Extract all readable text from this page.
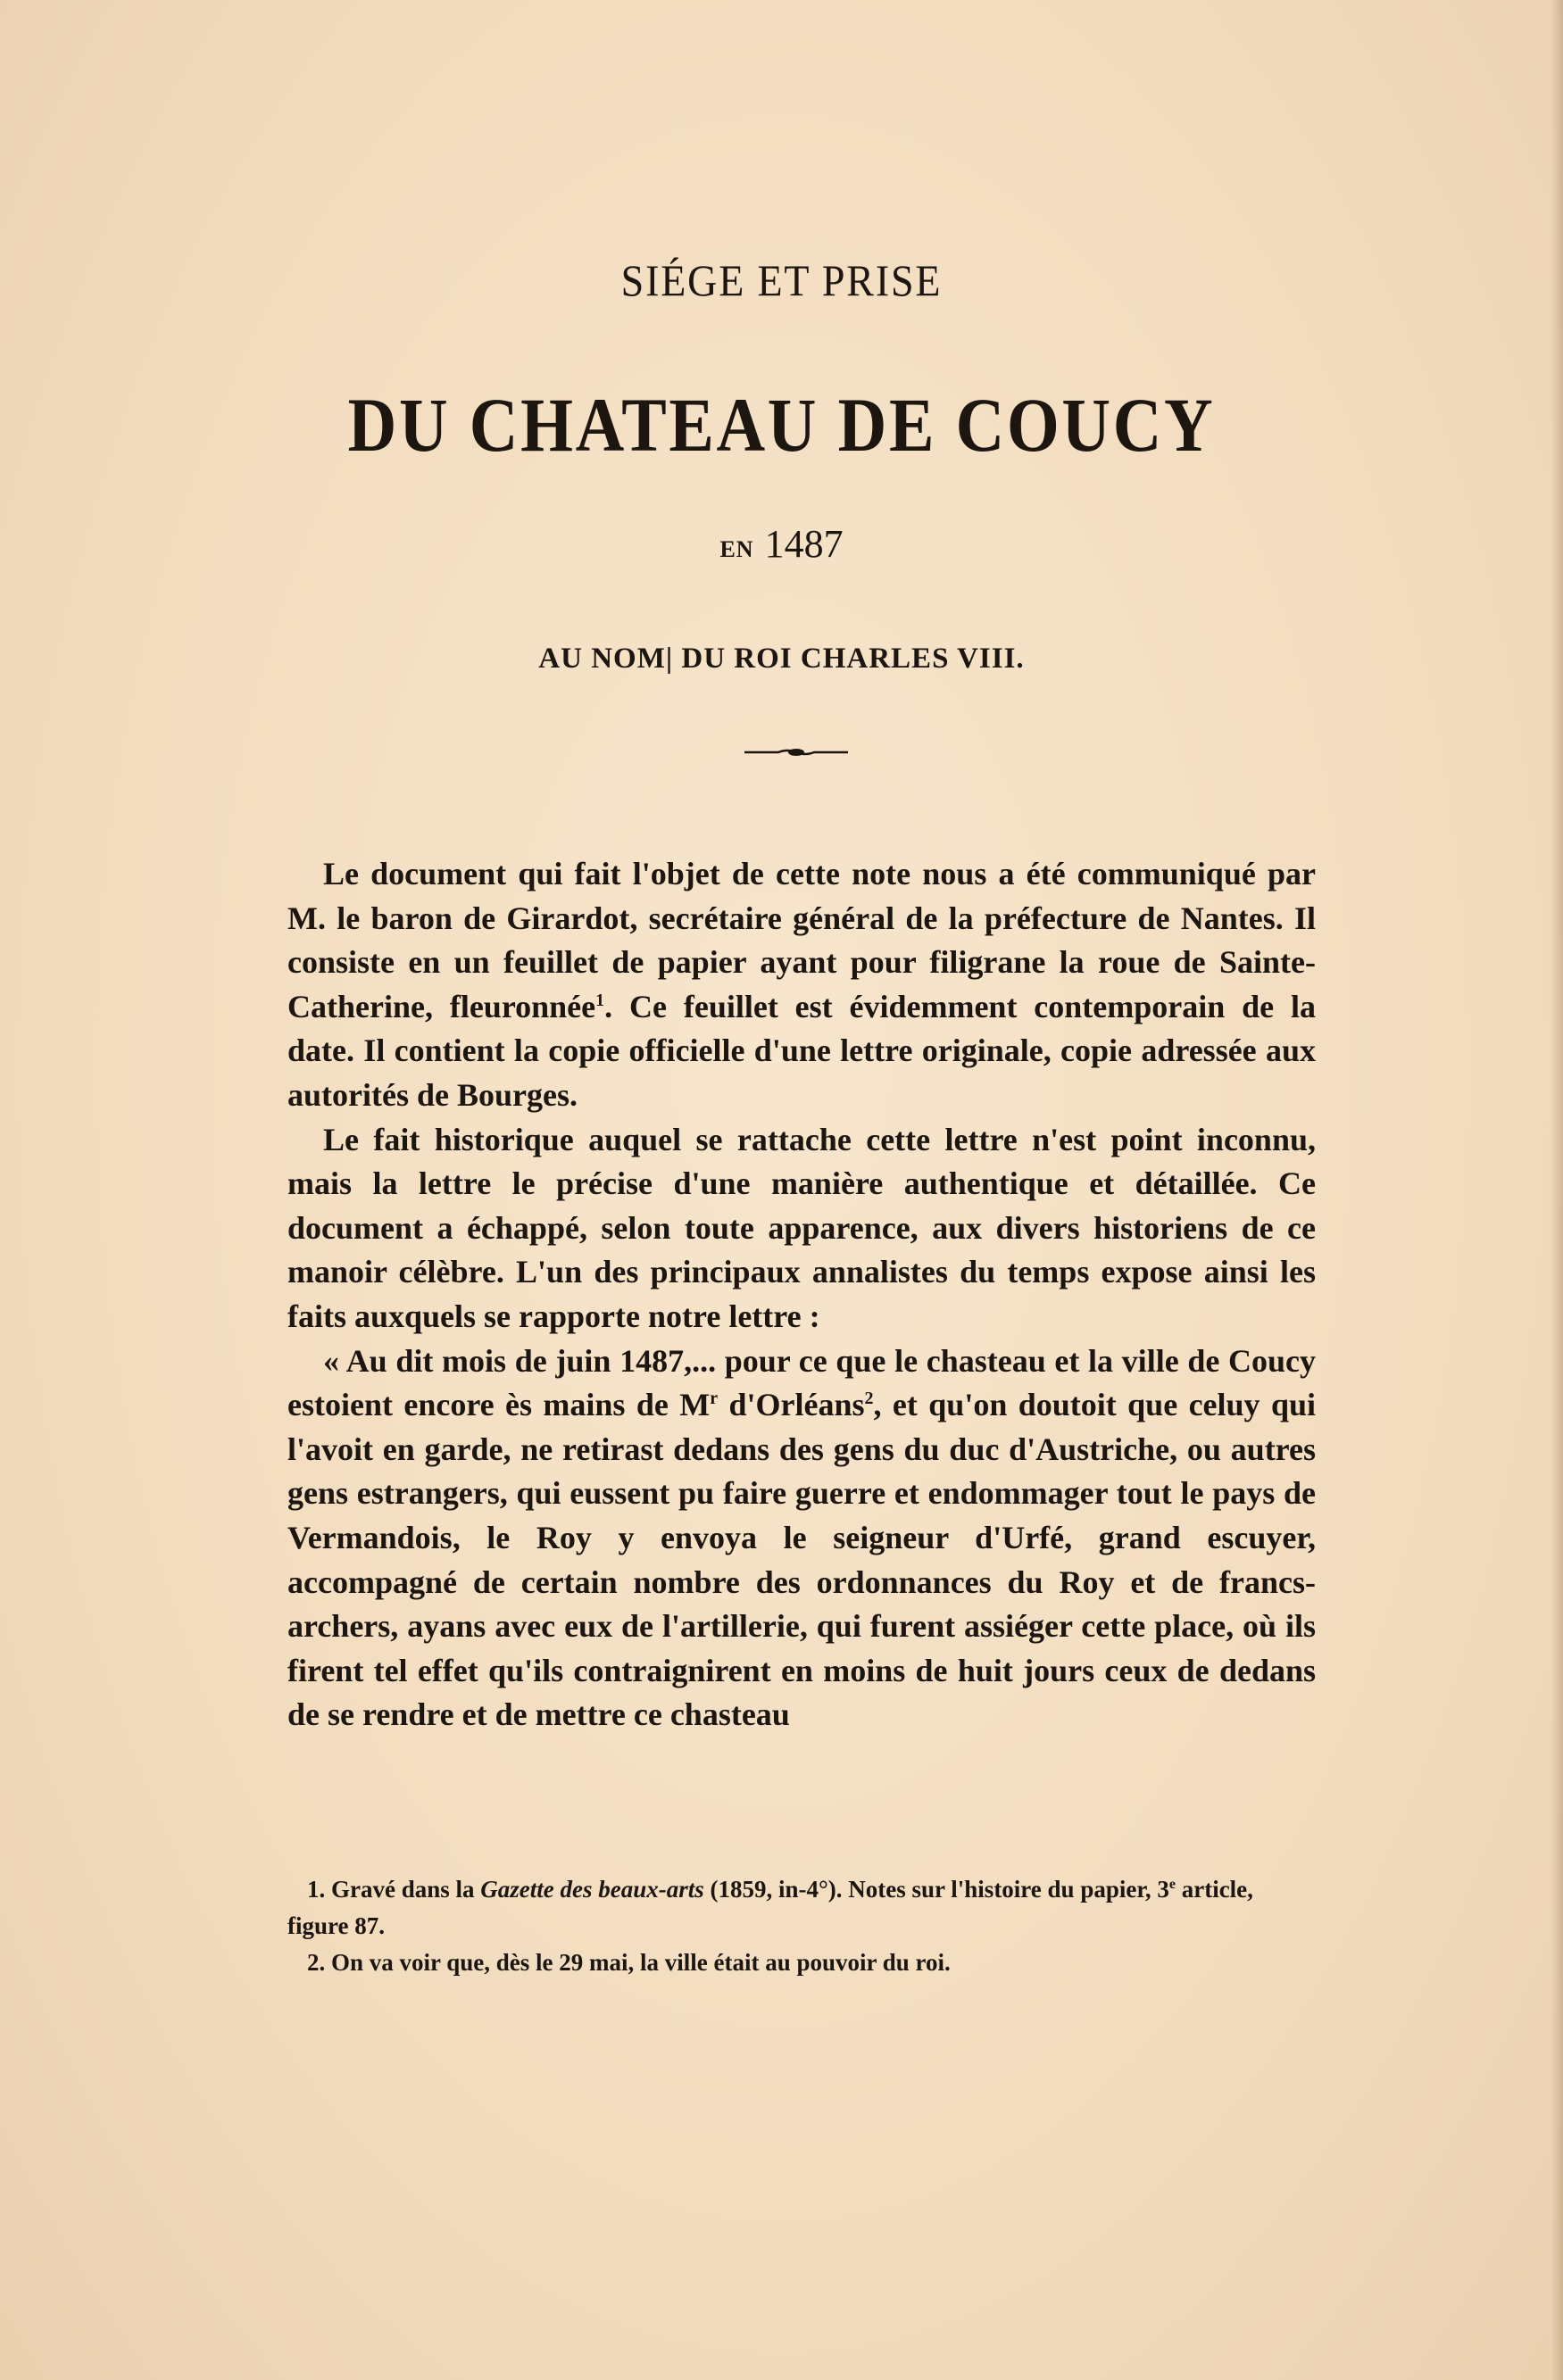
SIÉGE ET PRISE
DU CHATEAU DE COUCY
EN 1487
AU NOM| DU ROI CHARLES VIII.

Le document qui fait l'objet de cette note nous a été communiqué par M. le baron de Girardot, secrétaire général de la préfecture de Nantes. Il consiste en un feuillet de papier ayant pour filigrane la roue de Sainte-Catherine, fleuronnée$^1$. Ce feuillet est évidemment contemporain de la date. Il contient la copie officielle d'une lettre originale, copie adressée aux autorités de Bourges.

Le fait historique auquel se rattache cette lettre n'est point inconnu, mais la lettre le précise d'une manière authentique et détaillée. Ce document a échappé, selon toute apparence, aux divers historiens de ce manoir célèbre. L'un des principaux annalistes du temps expose ainsi les faits auxquels se rapporte notre lettre :

« Au dit mois de juin 1487,... pour ce que le chasteau et la ville de Coucy estoient encore ès mains de $M^r$ d'Orléans$^2$, et qu'on doutoit que celuy qui l'avoit en garde, ne retirast dedans des gens du duc d'Austriche, ou autres gens estrangers, qui eussent pu faire guerre et endommager tout le pays de Vermandois, le Roy y envoya le seigneur d'Urfé, grand escuyer, accompagné de certain nombre des ordonnances du Roy et de francs-archers, ayans avec eux de l'artillerie, qui furent assiéger cette place, où ils firent tel effet qu'ils contraignirent en moins de huit jours ceux de dedans de se rendre et de mettre ce chasteau

1. Gravé dans la Gazette des beaux-arts (1859, in-4°). Notes sur l'histoire du papier, 3e article, figure 87.
2. On va voir que, dès le 29 mai, la ville était au pouvoir du roi.
